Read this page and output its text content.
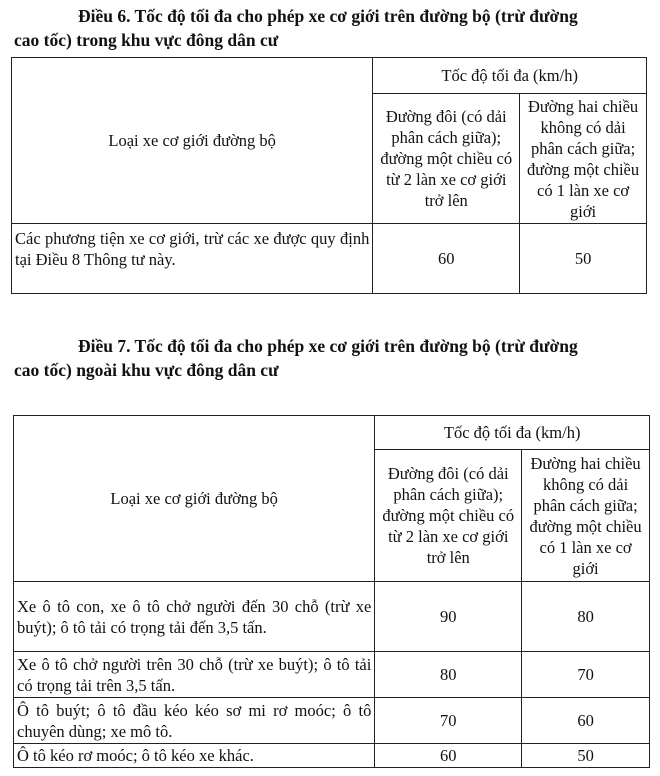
Điều 6. Tốc độ tối đa cho phép xe cơ giới trên đường bộ (trừ đường
cao tốc) trong khu vực đông dân cư
Loại xe cơ giới đường bộ	Tốc độ tối đa (km/h)	
	Đường đôi (có dải phân cách giữa); đường một chiều có từ 2 làn xe cơ giới trở lên	Đường hai chiều không có dải phân cách giữa; đường một chiều có 1 làn xe cơ giới
Các phương tiện xe cơ giới, trừ các xe được quy định tại Điều 8 Thông tư này.	60	50
Điều 7. Tốc độ tối đa cho phép xe cơ giới trên đường bộ (trừ đường
cao tốc) ngoài khu vực đông dân cư
Loại xe cơ giới đường bộ	Tốc độ tối đa (km/h)	
	Đường đôi (có dải phân cách giữa); đường một chiều có từ 2 làn xe cơ giới trở lên	Đường hai chiều không có dải phân cách giữa; đường một chiều có 1 làn xe cơ giới
Xe ô tô con, xe ô tô chở người đến 30 chỗ (trừ xe buýt); ô tô tải có trọng tải đến 3,5 tấn.	90	80
Xe ô tô chở người trên 30 chỗ (trừ xe buýt); ô tô tải có trọng tải trên 3,5 tấn.	80	70
Ô tô buýt; ô tô đầu kéo kéo sơ mi rơ moóc; ô tô chuyên dùng; xe mô tô.	70	60
Ô tô kéo rơ moóc; ô tô kéo xe khác.	60	50
